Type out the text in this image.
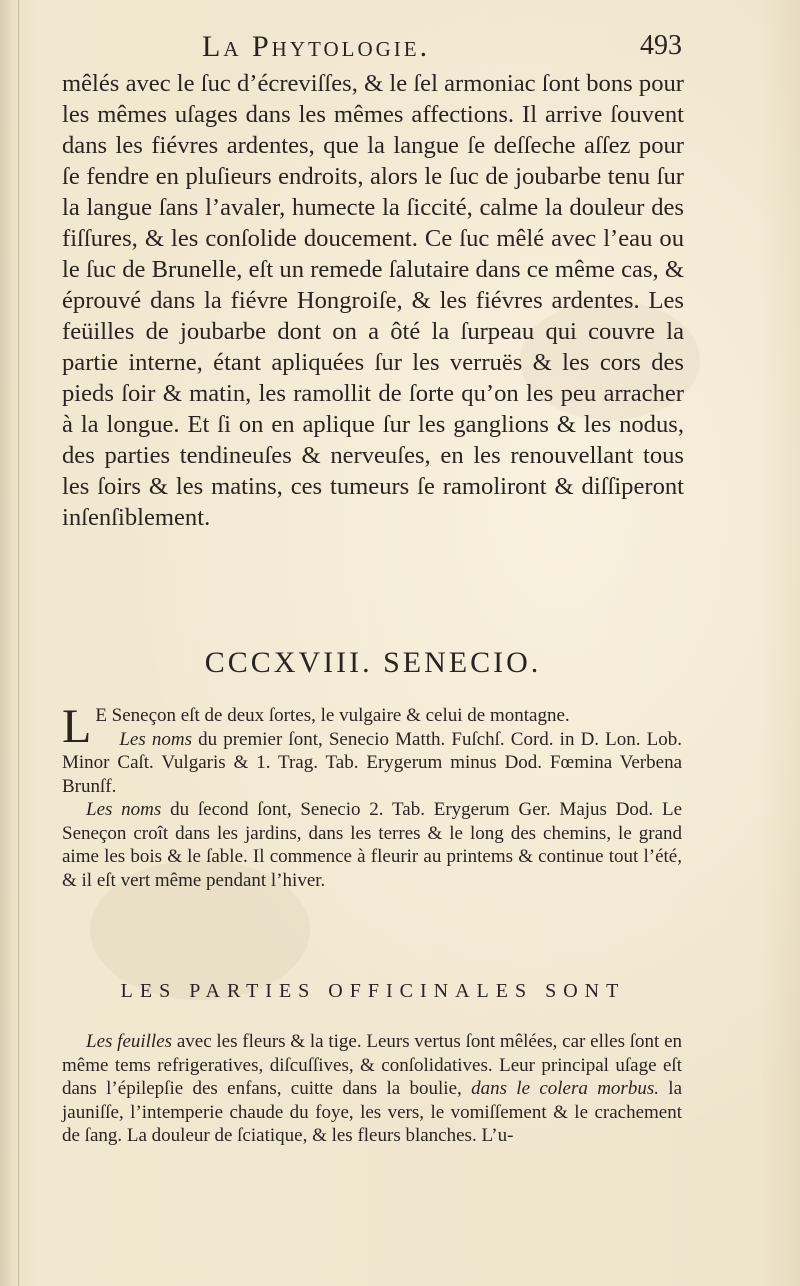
La Phytologie.	493
mêlés avec le ſuc d’écreviſſes, & le ſel armoniac ſont bons pour les mêmes uſages dans les mêmes affections. Il arrive ſouvent dans les fiévres ardentes, que la langue ſe deſſeche aſſez pour ſe fendre en pluſieurs endroits, alors le ſuc de joubarbe tenu ſur la langue ſans l’avaler, humecte la ſiccité, calme la douleur des fiſſures, & les conſolide doucement. Ce ſuc mêlé avec l’eau ou le ſuc de Brunelle, eſt un remede ſalutaire dans ce même cas, & éprouvé dans la fiévre Hongroiſe, & les fiévres ardentes. Les feüilles de joubarbe dont on a ôté la ſurpeau qui couvre la partie interne, étant apliquées ſur les verruës & les cors des pieds ſoir & matin, les ramollit de ſorte qu’on les peu arracher à la longue. Et ſi on en aplique ſur les ganglions & les nodus, des parties tendineuſes & nerveuſes, en les renouvellant tous les ſoirs & les matins, ces tumeurs ſe ramoliront & diſſiperont inſenſiblement.
CCCXVIII. SENECIO.

L E Seneçon eſt de deux ſortes, le vulgaire & celui de montagne.

Les noms du premier ſont, Senecio Matth. Fuſchſ. Cord. in D. Lon. Lob. Minor Caſt. Vulgaris & 1. Trag. Tab. Erygerum minus Dod. Fœmina Verbena Brunſf.

Les noms du ſecond ſont, Senecio 2. Tab. Erygerum Ger. Majus Dod. Le Seneçon croît dans les jardins, dans les terres & le long des chemins, le grand aime les bois & le ſable. Il commence à fleurir au printems & continue tout l’été, & il eſt vert même pendant l’hiver.

LES PARTIES OFFICINALES SONT

Les feuilles avec les fleurs & la tige. Leurs vertus ſont mêlées, car elles ſont en même tems refrigeratives, diſcuſſives, & conſolidatives. Leur principal uſage eſt dans l’épilepſie des enfans, cuitte dans la boulie, dans le colera morbus. la jauniſſe, l’intemperie chaude du foye, les vers, le vomiſſement & le crachement de ſang. La douleur de ſciatique, & les fleurs blanches. L’u-
